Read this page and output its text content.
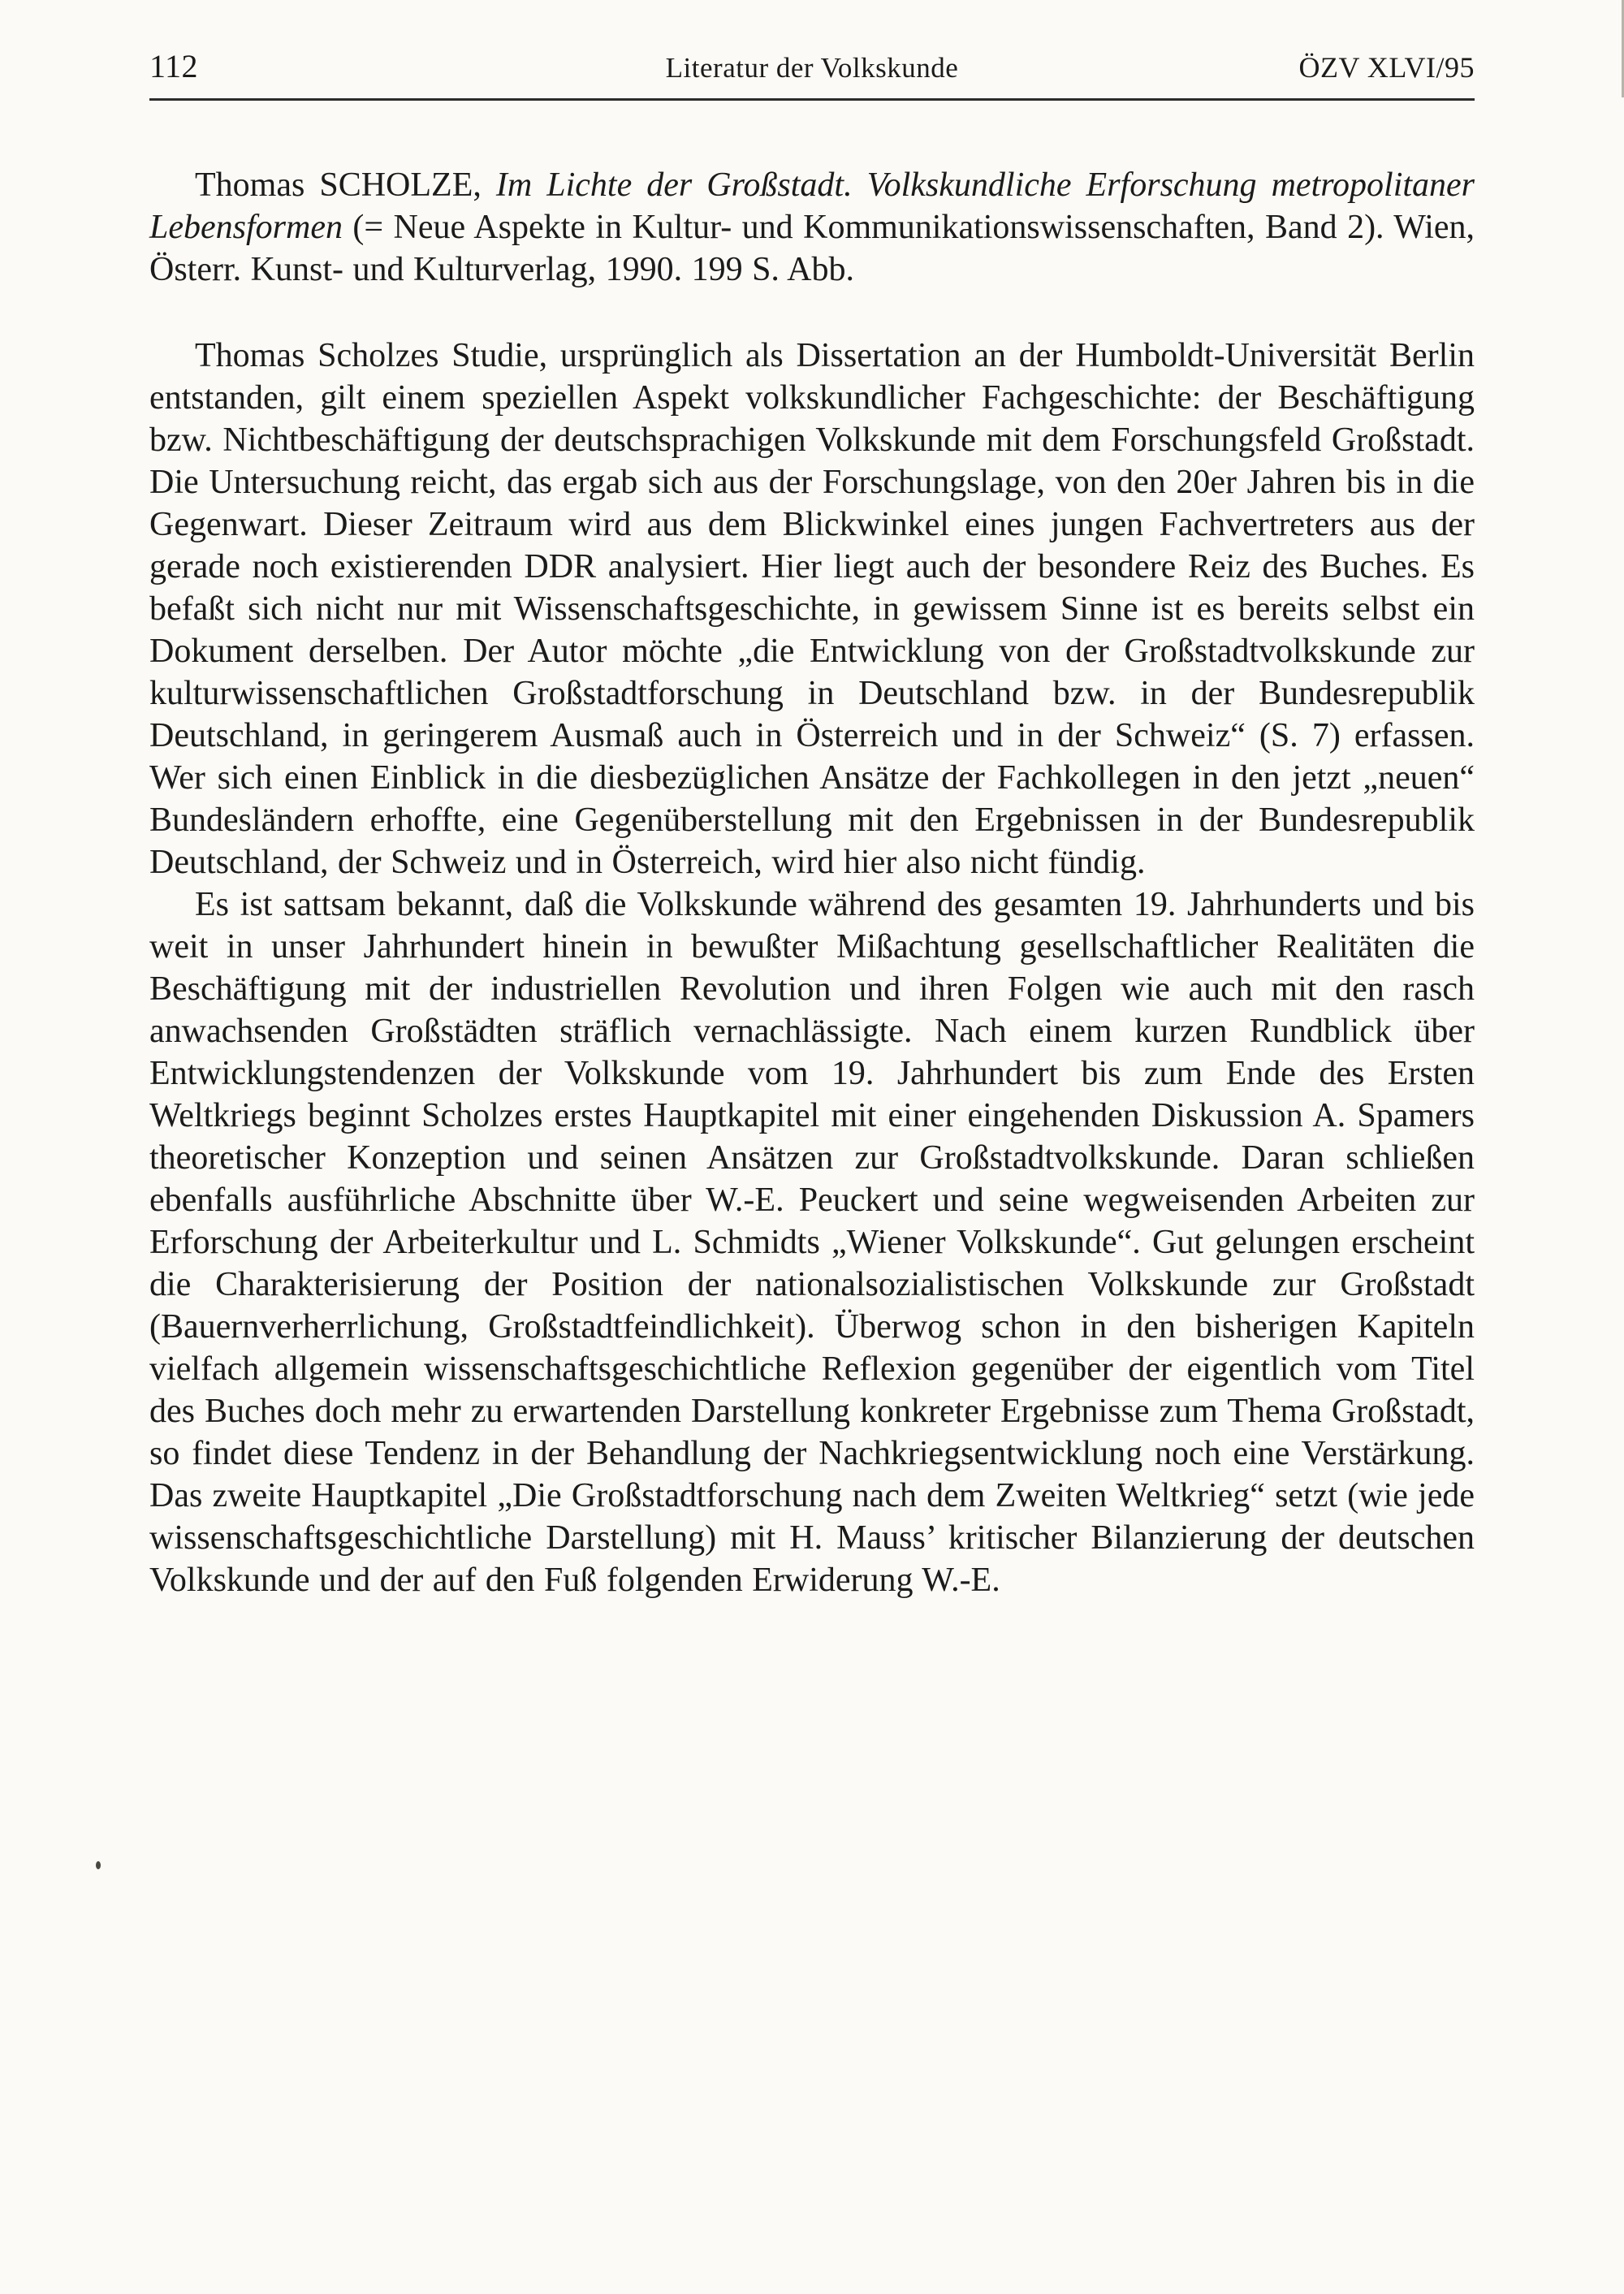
112	Literatur der Volkskunde	ÖZV XLVI/95

Thomas SCHOLZE, Im Lichte der Großstadt. Volkskundliche Erforschung metropolitaner Lebensformen (= Neue Aspekte in Kultur- und Kommunikationswissenschaften, Band 2). Wien, Österr. Kunst- und Kulturverlag, 1990. 199 S. Abb.

Thomas Scholzes Studie, ursprünglich als Dissertation an der Humboldt-Universität Berlin entstanden, gilt einem speziellen Aspekt volkskundlicher Fachgeschichte: der Beschäftigung bzw. Nichtbeschäftigung der deutschsprachigen Volkskunde mit dem Forschungsfeld Großstadt. Die Untersuchung reicht, das ergab sich aus der Forschungslage, von den 20er Jahren bis in die Gegenwart. Dieser Zeitraum wird aus dem Blickwinkel eines jungen Fachvertreters aus der gerade noch existierenden DDR analysiert. Hier liegt auch der besondere Reiz des Buches. Es befaßt sich nicht nur mit Wissenschaftsgeschichte, in gewissem Sinne ist es bereits selbst ein Dokument derselben. Der Autor möchte „die Entwicklung von der Großstadtvolkskunde zur kulturwissenschaftlichen Großstadtforschung in Deutschland bzw. in der Bundesrepublik Deutschland, in geringerem Ausmaß auch in Österreich und in der Schweiz“ (S. 7) erfassen. Wer sich einen Einblick in die diesbezüglichen Ansätze der Fachkollegen in den jetzt „neuen“ Bundesländern erhoffte, eine Gegenüberstellung mit den Ergebnissen in der Bundesrepublik Deutschland, der Schweiz und in Österreich, wird hier also nicht fündig.

Es ist sattsam bekannt, daß die Volkskunde während des gesamten 19. Jahrhunderts und bis weit in unser Jahrhundert hinein in bewußter Mißachtung gesellschaftlicher Realitäten die Beschäftigung mit der industriellen Revolution und ihren Folgen wie auch mit den rasch anwachsenden Großstädten sträflich vernachlässigte. Nach einem kurzen Rundblick über Entwicklungstendenzen der Volkskunde vom 19. Jahrhundert bis zum Ende des Ersten Weltkriegs beginnt Scholzes erstes Hauptkapitel mit einer eingehenden Diskussion A. Spamers theoretischer Konzeption und seinen Ansätzen zur Großstadtvolkskunde. Daran schließen ebenfalls ausführliche Abschnitte über W.-E. Peuckert und seine wegweisenden Arbeiten zur Erforschung der Arbeiterkultur und L. Schmidts „Wiener Volkskunde“. Gut gelungen erscheint die Charakterisierung der Position der nationalsozialistischen Volkskunde zur Großstadt (Bauernverherrlichung, Großstadtfeindlichkeit). Überwog schon in den bisherigen Kapiteln vielfach allgemein wissenschaftsgeschichtliche Reflexion gegenüber der eigentlich vom Titel des Buches doch mehr zu erwartenden Darstellung konkreter Ergebnisse zum Thema Großstadt, so findet diese Tendenz in der Behandlung der Nachkriegsentwicklung noch eine Verstärkung. Das zweite Hauptkapitel „Die Großstadtforschung nach dem Zweiten Weltkrieg“ setzt (wie jede wissenschaftsgeschichtliche Darstellung) mit H. Mauss’ kritischer Bilanzierung der deutschen Volkskunde und der auf den Fuß folgenden Erwiderung W.-E.
